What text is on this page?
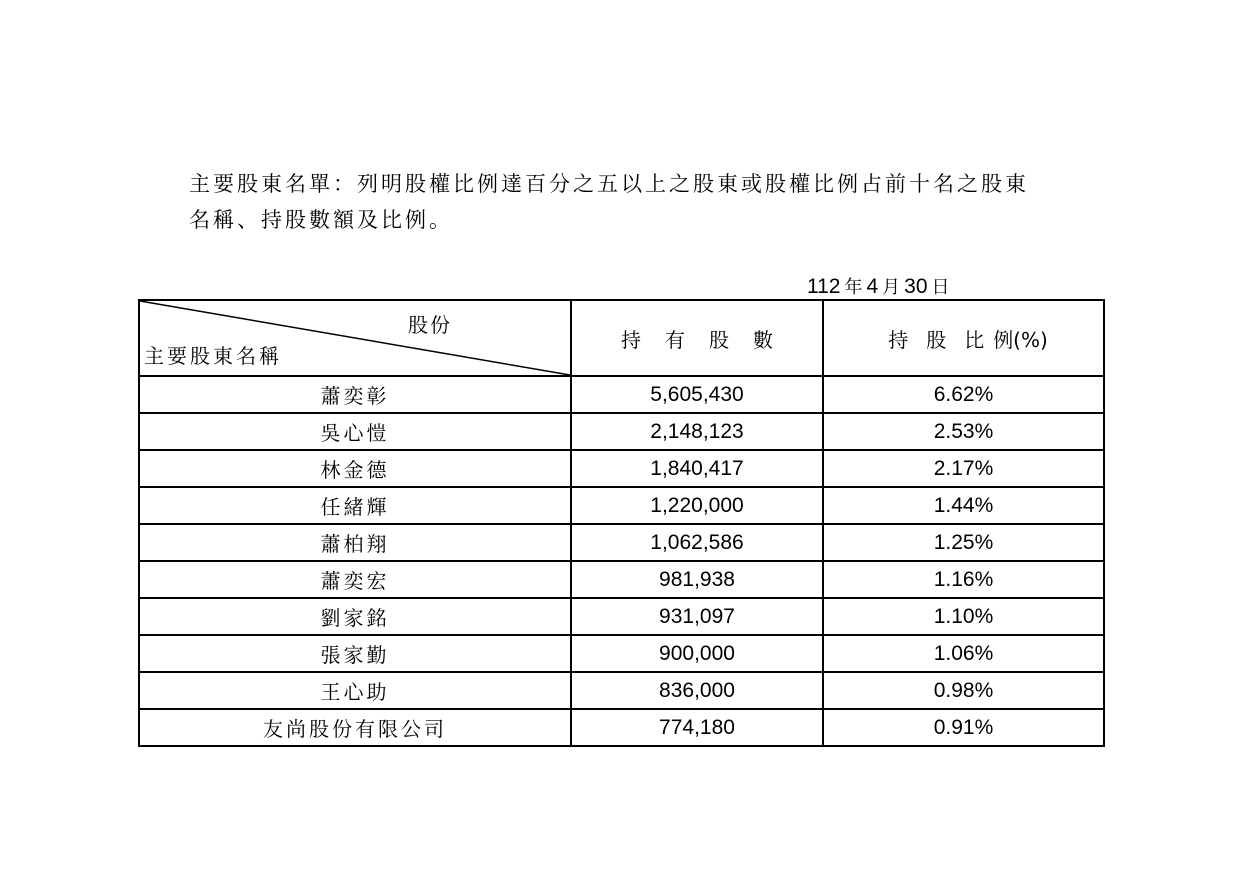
主要股東名單：列明股權比例達百分之五以上之股東或股權比例占前十名之股東
名稱、持股數額及比例。
112 年 4 月 30 日
股份
主要股東名稱	持 有 股 數	持 股 比 例(%)
蕭奕彰	5,605,430	6.62%
吳心愷	2,148,123	2.53%
林金德	1,840,417	2.17%
任緒輝	1,220,000	1.44%
蕭柏翔	1,062,586	1.25%
蕭奕宏	981,938	1.16%
劉家銘	931,097	1.10%
張家勤	900,000	1.06%
王心助	836,000	0.98%
友尚股份有限公司	774,180	0.91%
